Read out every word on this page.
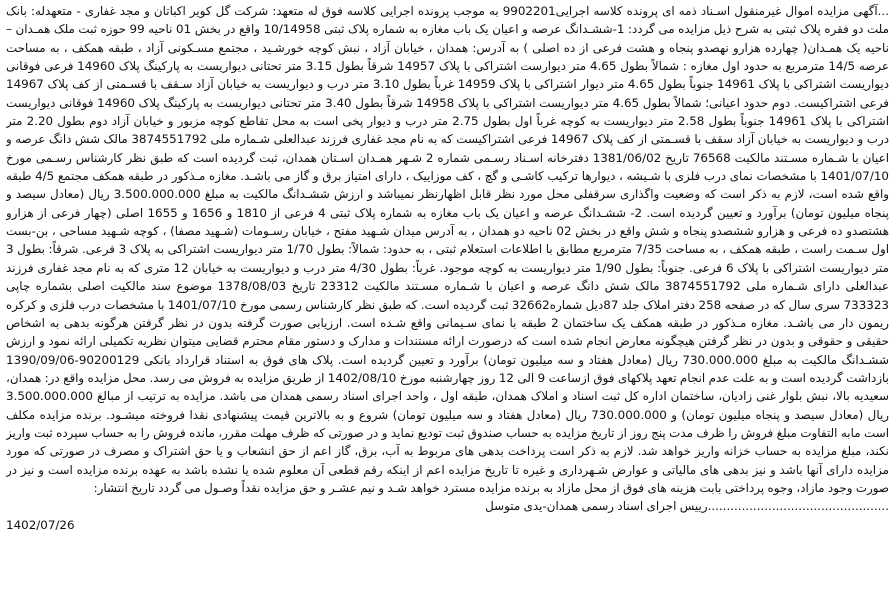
...آگهی مزایده اموال غیرمنقول اسـناد ذمه ای پرونده کلاسه اجرایی9902201 به موجب پرونده اجرایی کلاسه فوق له متعهد: شرکت گل کویر اکباتان و مجد غفاری - متعهدله: بانک ملت دو فقره پلاک ثبتی به شرح ذیل مزایده می گردد: 1-ششـدانگ عرصه و اعیان یک باب مغازه به شماره پلاک ثبتی 10/14958 واقع در بخش 01 ناحیه 99 حوزه ثبت ملک همـدان – ناحیه یک همـدان( چهارده هزارو نهصدو پنجاه و هشت فرعی از ده اصلی ) به آدرس: همدان ، خیابان آزاد ، نبش کوچه خورشـید ، مجتمع مسـکونی آزاد ، طبقه همکف ، به مساحت عرصه 14/5 مترمربع به حدود اول مغازه : شمالاً بطول 4.65 متر دیوارست اشتراکی با پلاک 14957 شرقاً بطول 3.15 متر تحتانی دیواریست به پارکینگ پلاک 14960 فرعی فوقانی دیواریست اشتراکی با پلاک 14961 جنوباً بطول 4.65 متر دیوار اشتراکی با پلاک 14959 غرباً بطول 3.10 متر درب و دیواریست به خیابان آزاد سـقف با قسـمتی از کف پلاک 14967 فرعی اشتراکیست. دوم حدود اعیانی؛ شمالاً بطول 4.65 متر دیواریست اشتراکی با پلاک 14958 شرقاً بطول 3.40 متر تحتانی دیواریست به پارکینگ پلاک 14960 فوقانی دیواریست اشتراکی با پلاک 14961 جنوباً بطول 2.58 متر دیواریست به کوچه غرباً اول بطول 2.75 متر درب و دیوار پخی است به محل تقاطع کوچه مزبور و خیابان آزاد دوم بطول 2.20 متر درب و دیواریست به خیابان آزاد سقف با قسـمتی از کف پلاک 14967 فرعی اشتراکیست که به نام مجد غفاری فرزند عبدالعلی شـماره ملی 3874551792 مالک شش دانگ عرصه و اعیان با شـماره مسـتند مالکیت 76568 تاریخ 1381/06/02 دفترخانه اسـناد رسـمی شماره 2 شـهر همـدان اسـتان همدان، ثبت گردیده است که طبق نظر کارشناس رسـمی مورخ 1401/07/10 با مشخصات نمای درب فلزی با شـیشه ، دیوارها ترکیب کاشـی و گچ ، کف موزاییک ، دارای امتیاز برق و گاز می باشـد. مغازه مـذکور در طبقه همکف مجتمع 4/5 طبقه واقع شده است، لازم به ذکر است که وضعیت واگذاری سرقفلی محل مورد نظر قابل اظهارنظر نمیباشد و ارزش ششـدانگ مالکیت به مبلغ 3.500.000.000 ریال (معادل سیصد و پنجاه میلیون تومان) برآورد و تعیین گردیده است. 2- ششـدانگ عرصه و اعیان یک باب مغازه به شماره پلاک ثبتی 4 فرعی از 1810 و 1656 و 1655 اصلی (چهار فرعی از هزارو هشتصدو ده فرعی و هزارو ششصدو پنجاه و شش واقع در بخش 02 ناحیه دو همدان ، به آدرس میدان شـهید مفتح ، خیابان رسـومات (شـهید مصفا) ، کوچه شـهید مساحی ، بن-بست اول سـمت راست ، طبقه همکف ، به مساحت 7/35 مترمربع مطابق با اطلاعات استعلام ثبتی ، به حدود: شمالاً: بطول 1/70 متر دیواریست اشتراکی به پلاک 3 فرعی. شرقاً: بطول 3 متر دیواریست اشتراکی با پلاک 6 فرعی. جنوباً: بطول 1/90 متر دیواریست به کوچه موجود. غرباً: بطول 4/30 متر درب و دیواریست به خیابان 12 متری که به نام مجد غفاری فرزند عبدالعلی دارای شـماره ملی 3874551792 مالک شش دانگ عرصه و اعیان با شـماره مسـتند مالکیت 23312 تاریخ 1378/08/03 موضوع سند مالکیت اصلی بشماره چاپی 733323 سری سال که در صفحه 258 دفتر املاک جلد 87دیل شماره32662 ثبت گردیده است. که طبق نظر کارشناس رسمی مورخ 1401/07/10 با مشخصات درب فلزی و کرکره ریمون دار می باشـد. مغازه مـذکور در طبقه همکف یک ساختمان 2 طبقه با نمای سـیمانی واقع شـده است. ارزیابی صورت گرفته بدون در نظر گرفتن هرگونه بدهی به اشخاص حقیقی و حقوقی و بدون در نظر گرفتن هیچگونه معارض انجام شده است که درصورت ارائه مستندات و مدارک و دستور مقام محترم قضایی میتوان نظریه تکمیلی ارائه نمود و ارزش ششـدانگ مالکیت به مبلغ 730.000.000 ریال (معادل هفتاد و سه میلیون تومان) برآورد و تعیین گردیده است. پلاک های فوق به استناد قرارداد بانکی 90200129-1390/09/06 بازداشت گردیده است و به علت عدم انجام تعهد پلاکهای فوق ازساعت 9 الی 12 روز چهارشنبه مورخ 1402/08/10 از طریق مزایده به فروش می رسد. محل مزایده واقع در: همدان، سعیدیه بالا، نبش بلوار غنی زادیان، ساختمان اداره کل ثبت اسناد و املاک همدان، طبقه اول ، واحد اجرای اسناد رسمی همدان می باشد. مزایده به ترتیب از مبالغ 3.500.000.000 ریال (معادل سیصد و پنجاه میلیون تومان) و 730.000.000 ریال (معادل هفتاد و سه میلیون تومان) شروع و به بالاترین قیمت پیشنهادی نقدا فروخته میشـود. برنده مزایده مکلف است مابه التفاوت مبلغ فروش را ظرف مدت پنج روز از تاریخ مزایده به حساب صندوق ثبت تودیع نماید و در صورتی که ظرف مهلت مقرر، مانده فروش را به حساب سپرده ثبت واریز نکند، مبلغ مزایده به حساب خزانه واریز خواهد شد. لازم به ذکر است پرداخت بدهی های مربوط به آب، برق، گاز اعم از حق انشعاب و یا حق اشتراک و مصرف در صورتی که مورد مزایده دارای آنها باشد و نیز بدهی های مالیاتی و عوارض شـهرداری و غیره تا تاریخ مزایده اعم از اینکه رقم قطعی آن معلوم شده یا نشده باشد به عهده برنده مزایده است و نیز در صورت وجود مازاد، وجوه پرداختی بابت هزینه های فوق از محل مازاد به برنده مزایده مسترد خواهد شـد و نیم عشـر و حق مزایده نقداً وصـول می گردد تاریخ انتشار:

................................................رییس اجرای اسناد رسمی همدان-یدی متوسل

1402/07/26
